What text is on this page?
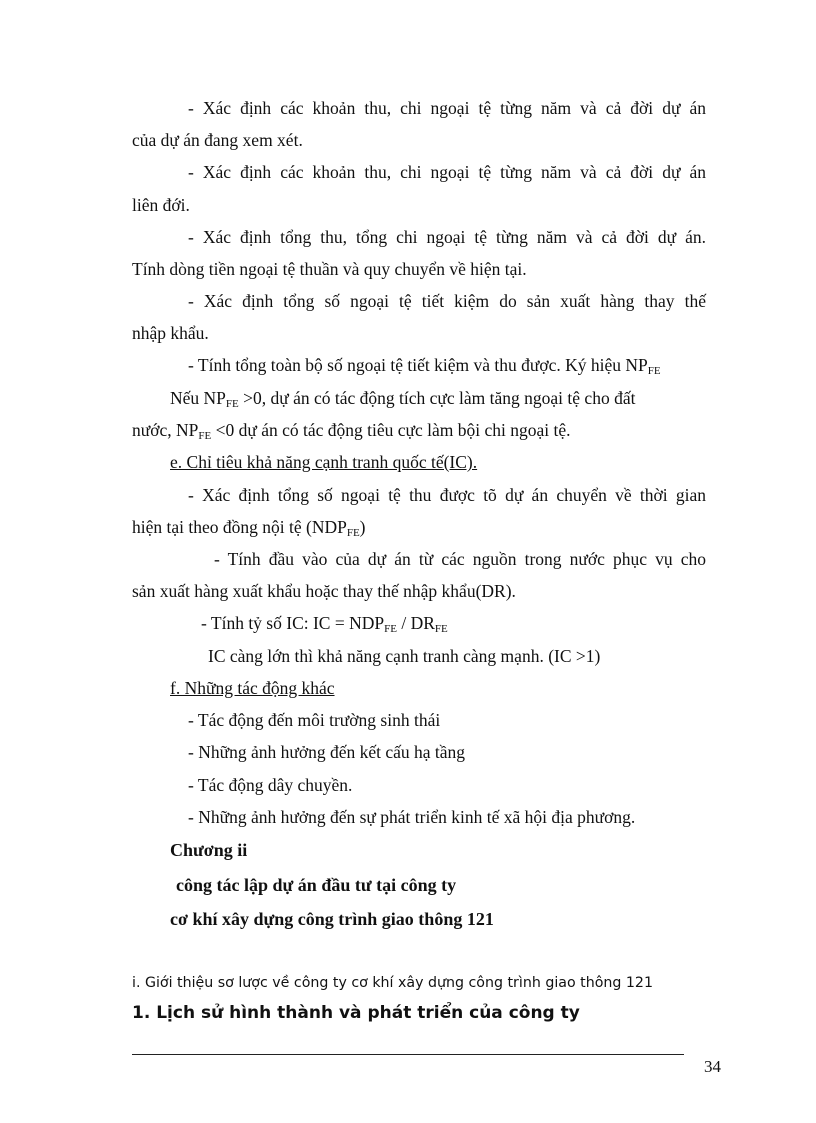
- Xác định các khoản thu, chi ngoại tệ từng năm và cả đời dự án
của dự án đang xem xét.
- Xác định các khoản thu, chi ngoại tệ từng năm và cả đời dự án
liên đới.
- Xác định tổng thu, tổng chi ngoại tệ từng năm và cả đời dự án.
Tính dòng tiền ngoại tệ thuần và quy chuyển về hiện tại.
- Xác định tổng số ngoại tệ tiết kiệm do sản xuất hàng thay thế
nhập khẩu.
- Tính tổng toàn bộ số ngoại tệ tiết kiệm và thu được. Ký hiệu $NP_{FE}$
Nếu $NP_{FE} >0$, dự án có tác động tích cực làm tăng ngoại tệ cho đất
nước, $NP_{FE} <0$ dự án có tác động tiêu cực làm bội chi ngoại tệ.
e. Chỉ tiêu khả năng cạnh tranh quốc tế(IC).
- Xác định tổng số ngoại tệ thu được tõ dự án chuyển về thời gian
hiện tại theo đồng nội tệ $(NDP_{FE})$
- Tính đầu vào của dự án từ các nguồn trong nước phục vụ cho
sản xuất hàng xuất khẩu hoặc thay thế nhập khẩu(DR).
- Tính tỷ số IC: IC = $NDP_{FE} / DR_{FE}$
IC càng lớn thì khả năng cạnh tranh càng mạnh. (IC >1)
f. Những tác động khác
- Tác động đến môi trường sinh thái
- Những ảnh hưởng đến kết cấu hạ tầng
- Tác động dây chuyền.
- Những ảnh hưởng đến sự phát triển kinh tế xã hội địa phương.
Chương ii
công tác lập dự án đầu tư tại công ty
cơ khí xây dựng công trình giao thông 121
i. Giới thiệu sơ lược về công ty cơ khí xây dựng công trình giao thông 121
1. Lịch sử hình thành và phát triển của công ty
34
